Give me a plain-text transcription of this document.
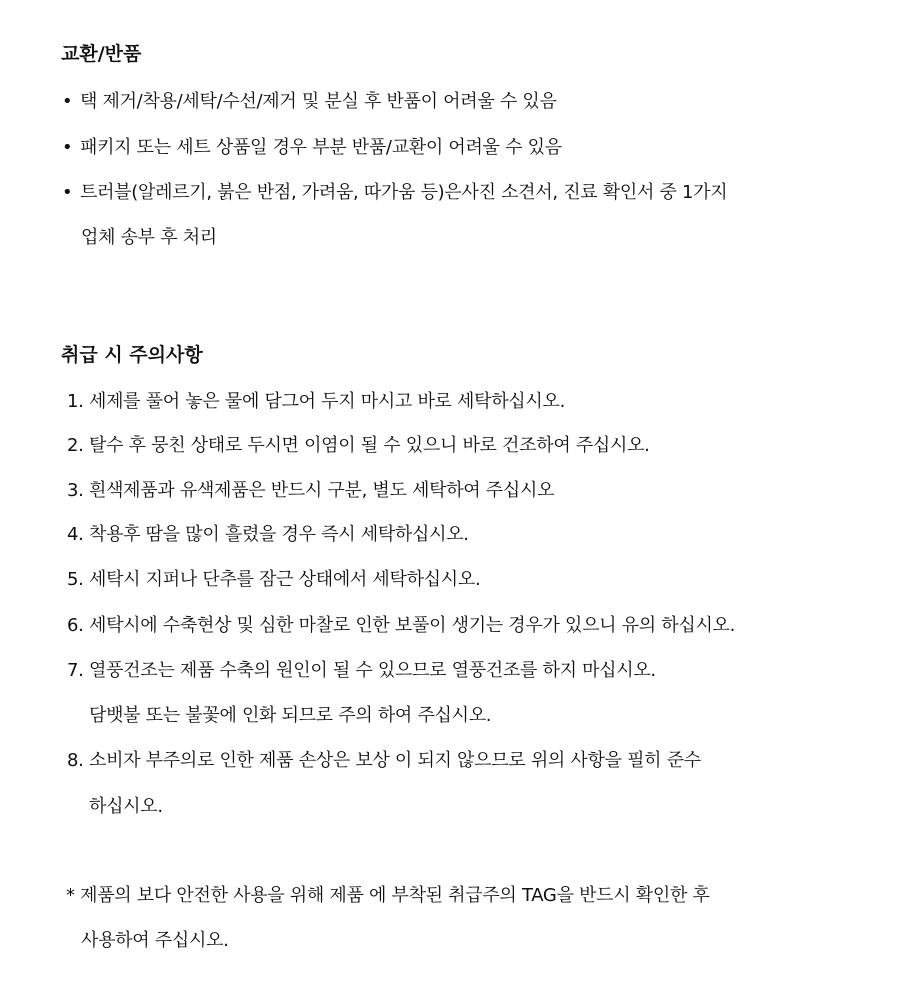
교환/반품
• 택 제거/착용/세탁/수선/제거 및 분실 후 반품이 어려울 수 있음
• 패키지 또는 세트 상품일 경우 부분 반품/교환이 어려울 수 있음
• 트러블(알레르기, 붉은 반점, 가려움, 따가움 등)은사진 소견서, 진료 확인서 중 1가지
업체 송부 후 처리
취급 시 주의사항
1. 세제를 풀어 놓은 물에 담그어 두지 마시고 바로 세탁하십시오.
2. 탈수 후 뭉친 상태로 두시면 이염이 될 수 있으니 바로 건조하여 주십시오.
3. 흰색제품과 유색제품은 반드시 구분, 별도 세탁하여 주십시오
4. 착용후 땀을 많이 흘렸을 경우 즉시 세탁하십시오.
5. 세탁시 지퍼나 단추를 잠근 상태에서 세탁하십시오.
6. 세탁시에 수축현상 및 심한 마찰로 인한 보풀이 생기는 경우가 있으니 유의 하십시오.
7. 열풍건조는 제품 수축의 원인이 될 수 있으므로 열풍건조를 하지 마십시오.
담뱃불 또는 불꽃에 인화 되므로 주의 하여 주십시오.
8. 소비자 부주의로 인한 제품 손상은 보상 이 되지 않으므로 위의 사항을 필히 준수
하십시오.
* 제품의 보다 안전한 사용을 위해 제품 에 부착된 취급주의 TAG을 반드시 확인한 후
사용하여 주십시오.
